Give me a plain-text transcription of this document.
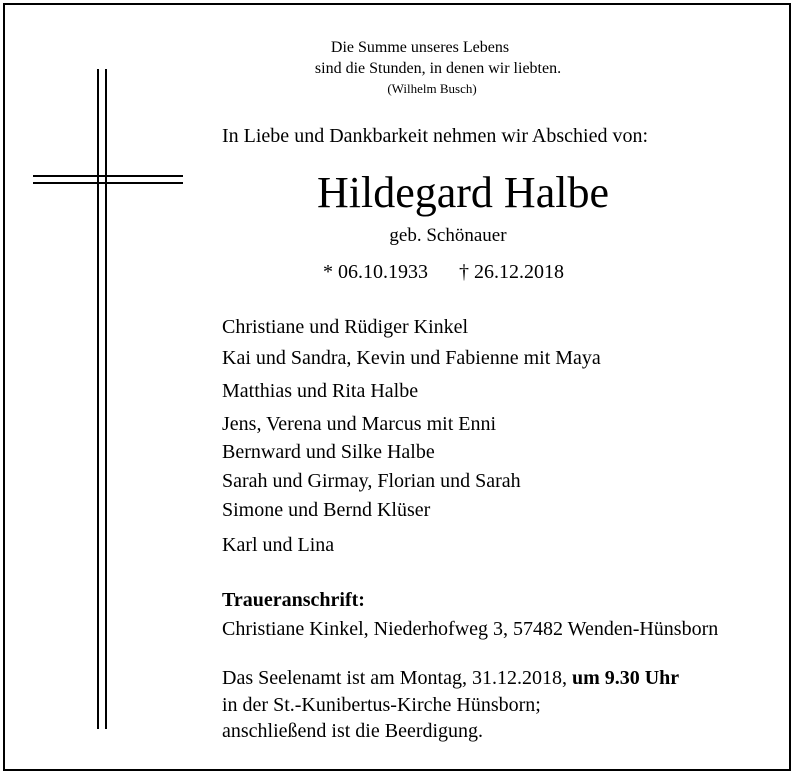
Die Summe unseres Lebens
sind die Stunden, in denen wir liebten.
(Wilhelm Busch)
In Liebe und Dankbarkeit nehmen wir Abschied von:
Hildegard Halbe
geb. Schönauer
* 06.10.1933 † 26.12.2018
Christiane und Rüdiger Kinkel
Kai und Sandra, Kevin und Fabienne mit Maya
Matthias und Rita Halbe
Jens, Verena und Marcus mit Enni
Bernward und Silke Halbe
Sarah und Girmay, Florian und Sarah
Simone und Bernd Klüser
Karl und Lina
Traueranschrift:
Christiane Kinkel, Niederhofweg 3, 57482 Wenden-Hünsborn
Das Seelenamt ist am Montag, 31.12.2018, um 9.30 Uhr
in der St.-Kunibertus-Kirche Hünsborn;
anschließend ist die Beerdigung.
